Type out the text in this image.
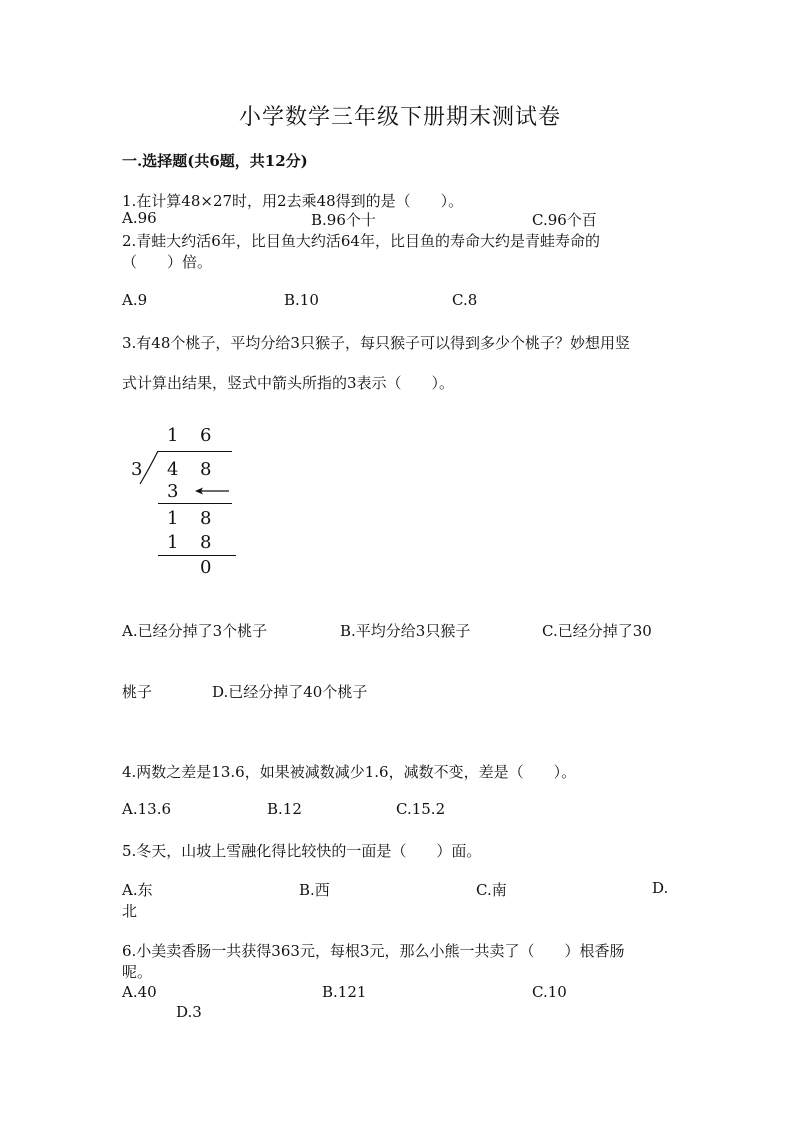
小学数学三年级下册期末测试卷
一.选择题(共6题，共12分)
1.在计算48×27时，用2去乘48得到的是（　　）。
A.96	B.96个十	C.96个百
2.青蛙大约活6年，比目鱼大约活64年，比目鱼的寿命大约是青蛙寿命的
（　　）倍。
A.9	B.10	C.8
3.有48个桃子，平均分给3只猴子，每只猴子可以得到多少个桃子？妙想用竖
式计算出结果，竖式中箭头所指的3表示（　　）。
1 6
3 4 8
3
1 8
1 8
0
A.已经分掉了3个桃子	B.平均分给3只猴子	C.已经分掉了30
桃子	D.已经分掉了40个桃子
4.两数之差是13.6，如果被减数减少1.6，减数不变，差是（　　）。
A.13.6	B.12	C.15.2
5.冬天，山坡上雪融化得比较快的一面是（　　）面。
A.东	B.西	C.南	D.
北
6.小美卖香肠一共获得363元，每根3元，那么小熊一共卖了（　　）根香肠
呢。
A.40	B.121	C.10
D.3
